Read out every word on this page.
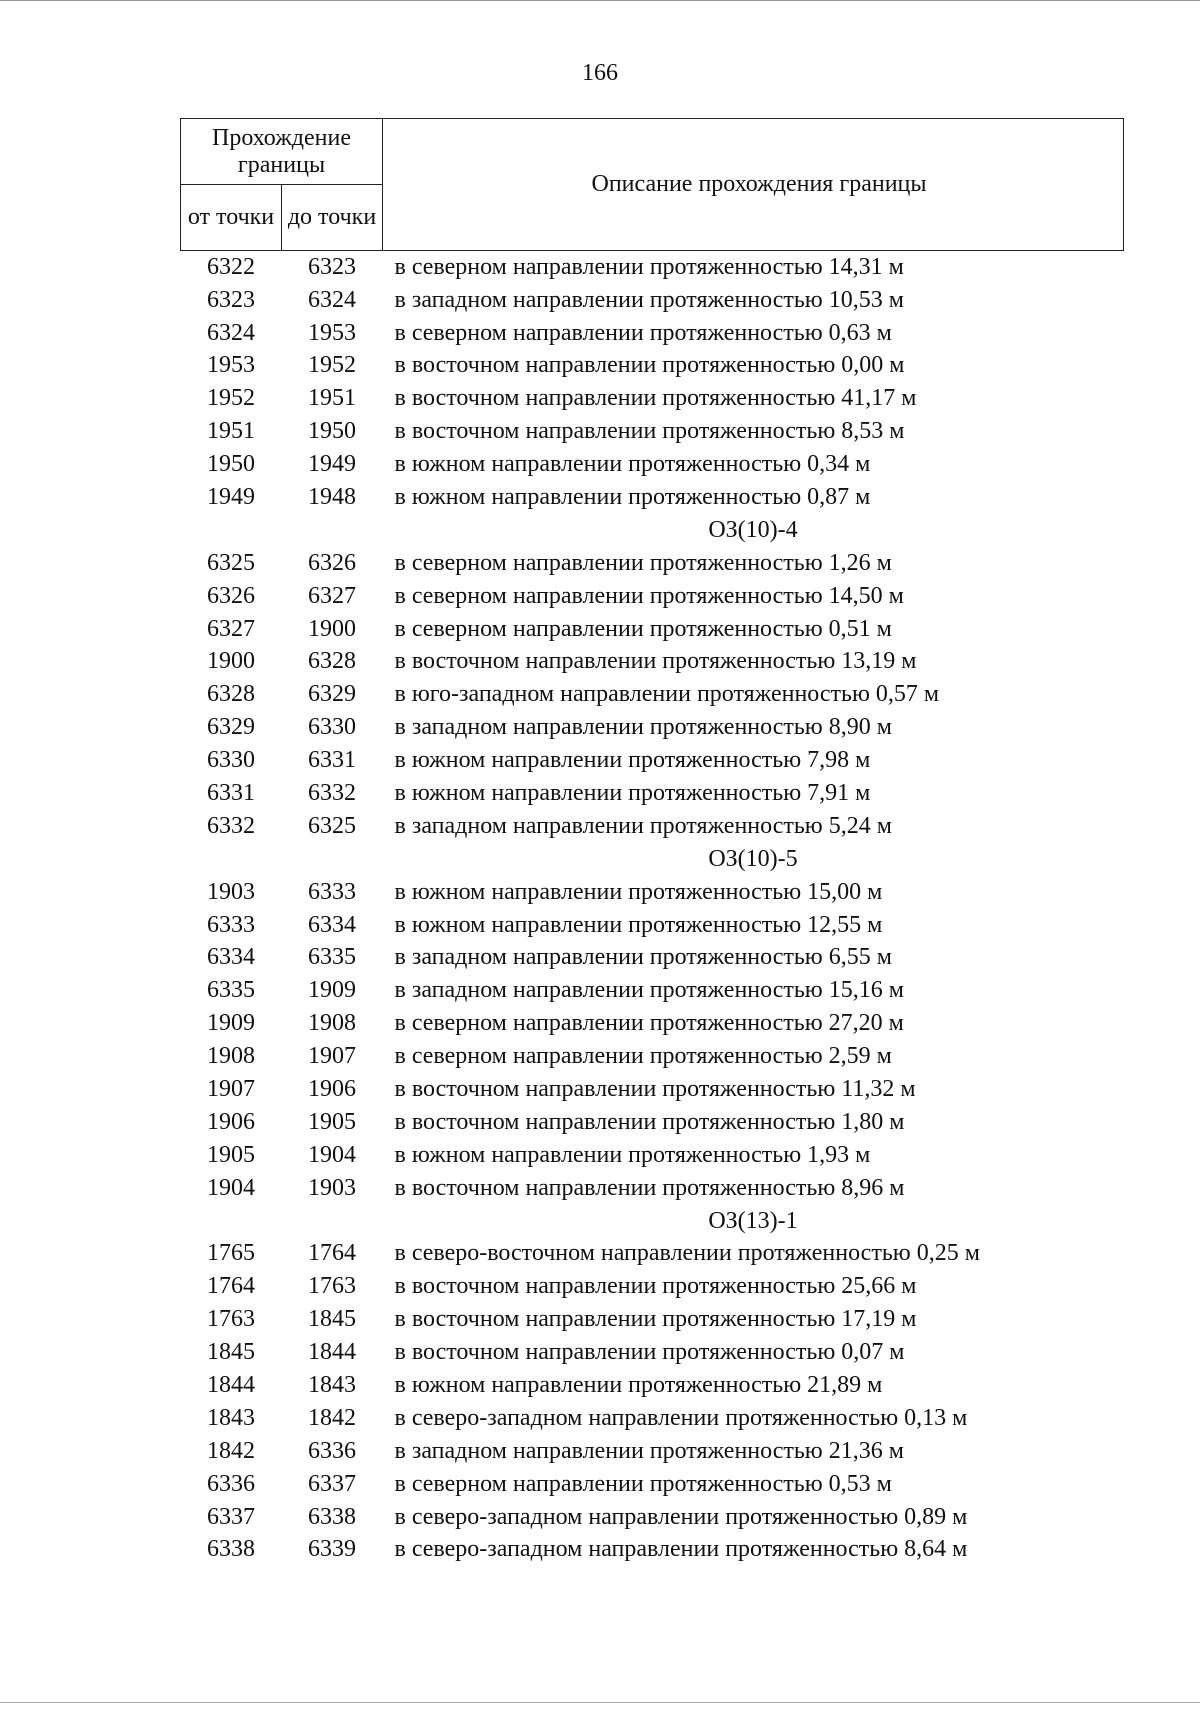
166
Прохождение границы		Описание прохождения границы
от точки	до точки	
6322	6323	в северном направлении протяженностью 14,31 м
6323	6324	в западном направлении протяженностью 10,53 м
6324	1953	в северном направлении протяженностью 0,63 м
1953	1952	в восточном направлении протяженностью 0,00 м
1952	1951	в восточном направлении протяженностью 41,17 м
1951	1950	в восточном направлении протяженностью 8,53 м
1950	1949	в южном направлении протяженностью 0,34 м
1949	1948	в южном направлении протяженностью 0,87 м
		ОЗ(10)-4
6325	6326	в северном направлении протяженностью 1,26 м
6326	6327	в северном направлении протяженностью 14,50 м
6327	1900	в северном направлении протяженностью 0,51 м
1900	6328	в восточном направлении протяженностью 13,19 м
6328	6329	в юго-западном направлении протяженностью 0,57 м
6329	6330	в западном направлении протяженностью 8,90 м
6330	6331	в южном направлении протяженностью 7,98 м
6331	6332	в южном направлении протяженностью 7,91 м
6332	6325	в западном направлении протяженностью 5,24 м
		ОЗ(10)-5
1903	6333	в южном направлении протяженностью 15,00 м
6333	6334	в южном направлении протяженностью 12,55 м
6334	6335	в западном направлении протяженностью 6,55 м
6335	1909	в западном направлении протяженностью 15,16 м
1909	1908	в северном направлении протяженностью 27,20 м
1908	1907	в северном направлении протяженностью 2,59 м
1907	1906	в восточном направлении протяженностью 11,32 м
1906	1905	в восточном направлении протяженностью 1,80 м
1905	1904	в южном направлении протяженностью 1,93 м
1904	1903	в восточном направлении протяженностью 8,96 м
		ОЗ(13)-1
1765	1764	в северо-восточном направлении протяженностью 0,25 м
1764	1763	в восточном направлении протяженностью 25,66 м
1763	1845	в восточном направлении протяженностью 17,19 м
1845	1844	в восточном направлении протяженностью 0,07 м
1844	1843	в южном направлении протяженностью 21,89 м
1843	1842	в северо-западном направлении протяженностью 0,13 м
1842	6336	в западном направлении протяженностью 21,36 м
6336	6337	в северном направлении протяженностью 0,53 м
6337	6338	в северо-западном направлении протяженностью 0,89 м
6338	6339	в северо-западном направлении протяженностью 8,64 м
